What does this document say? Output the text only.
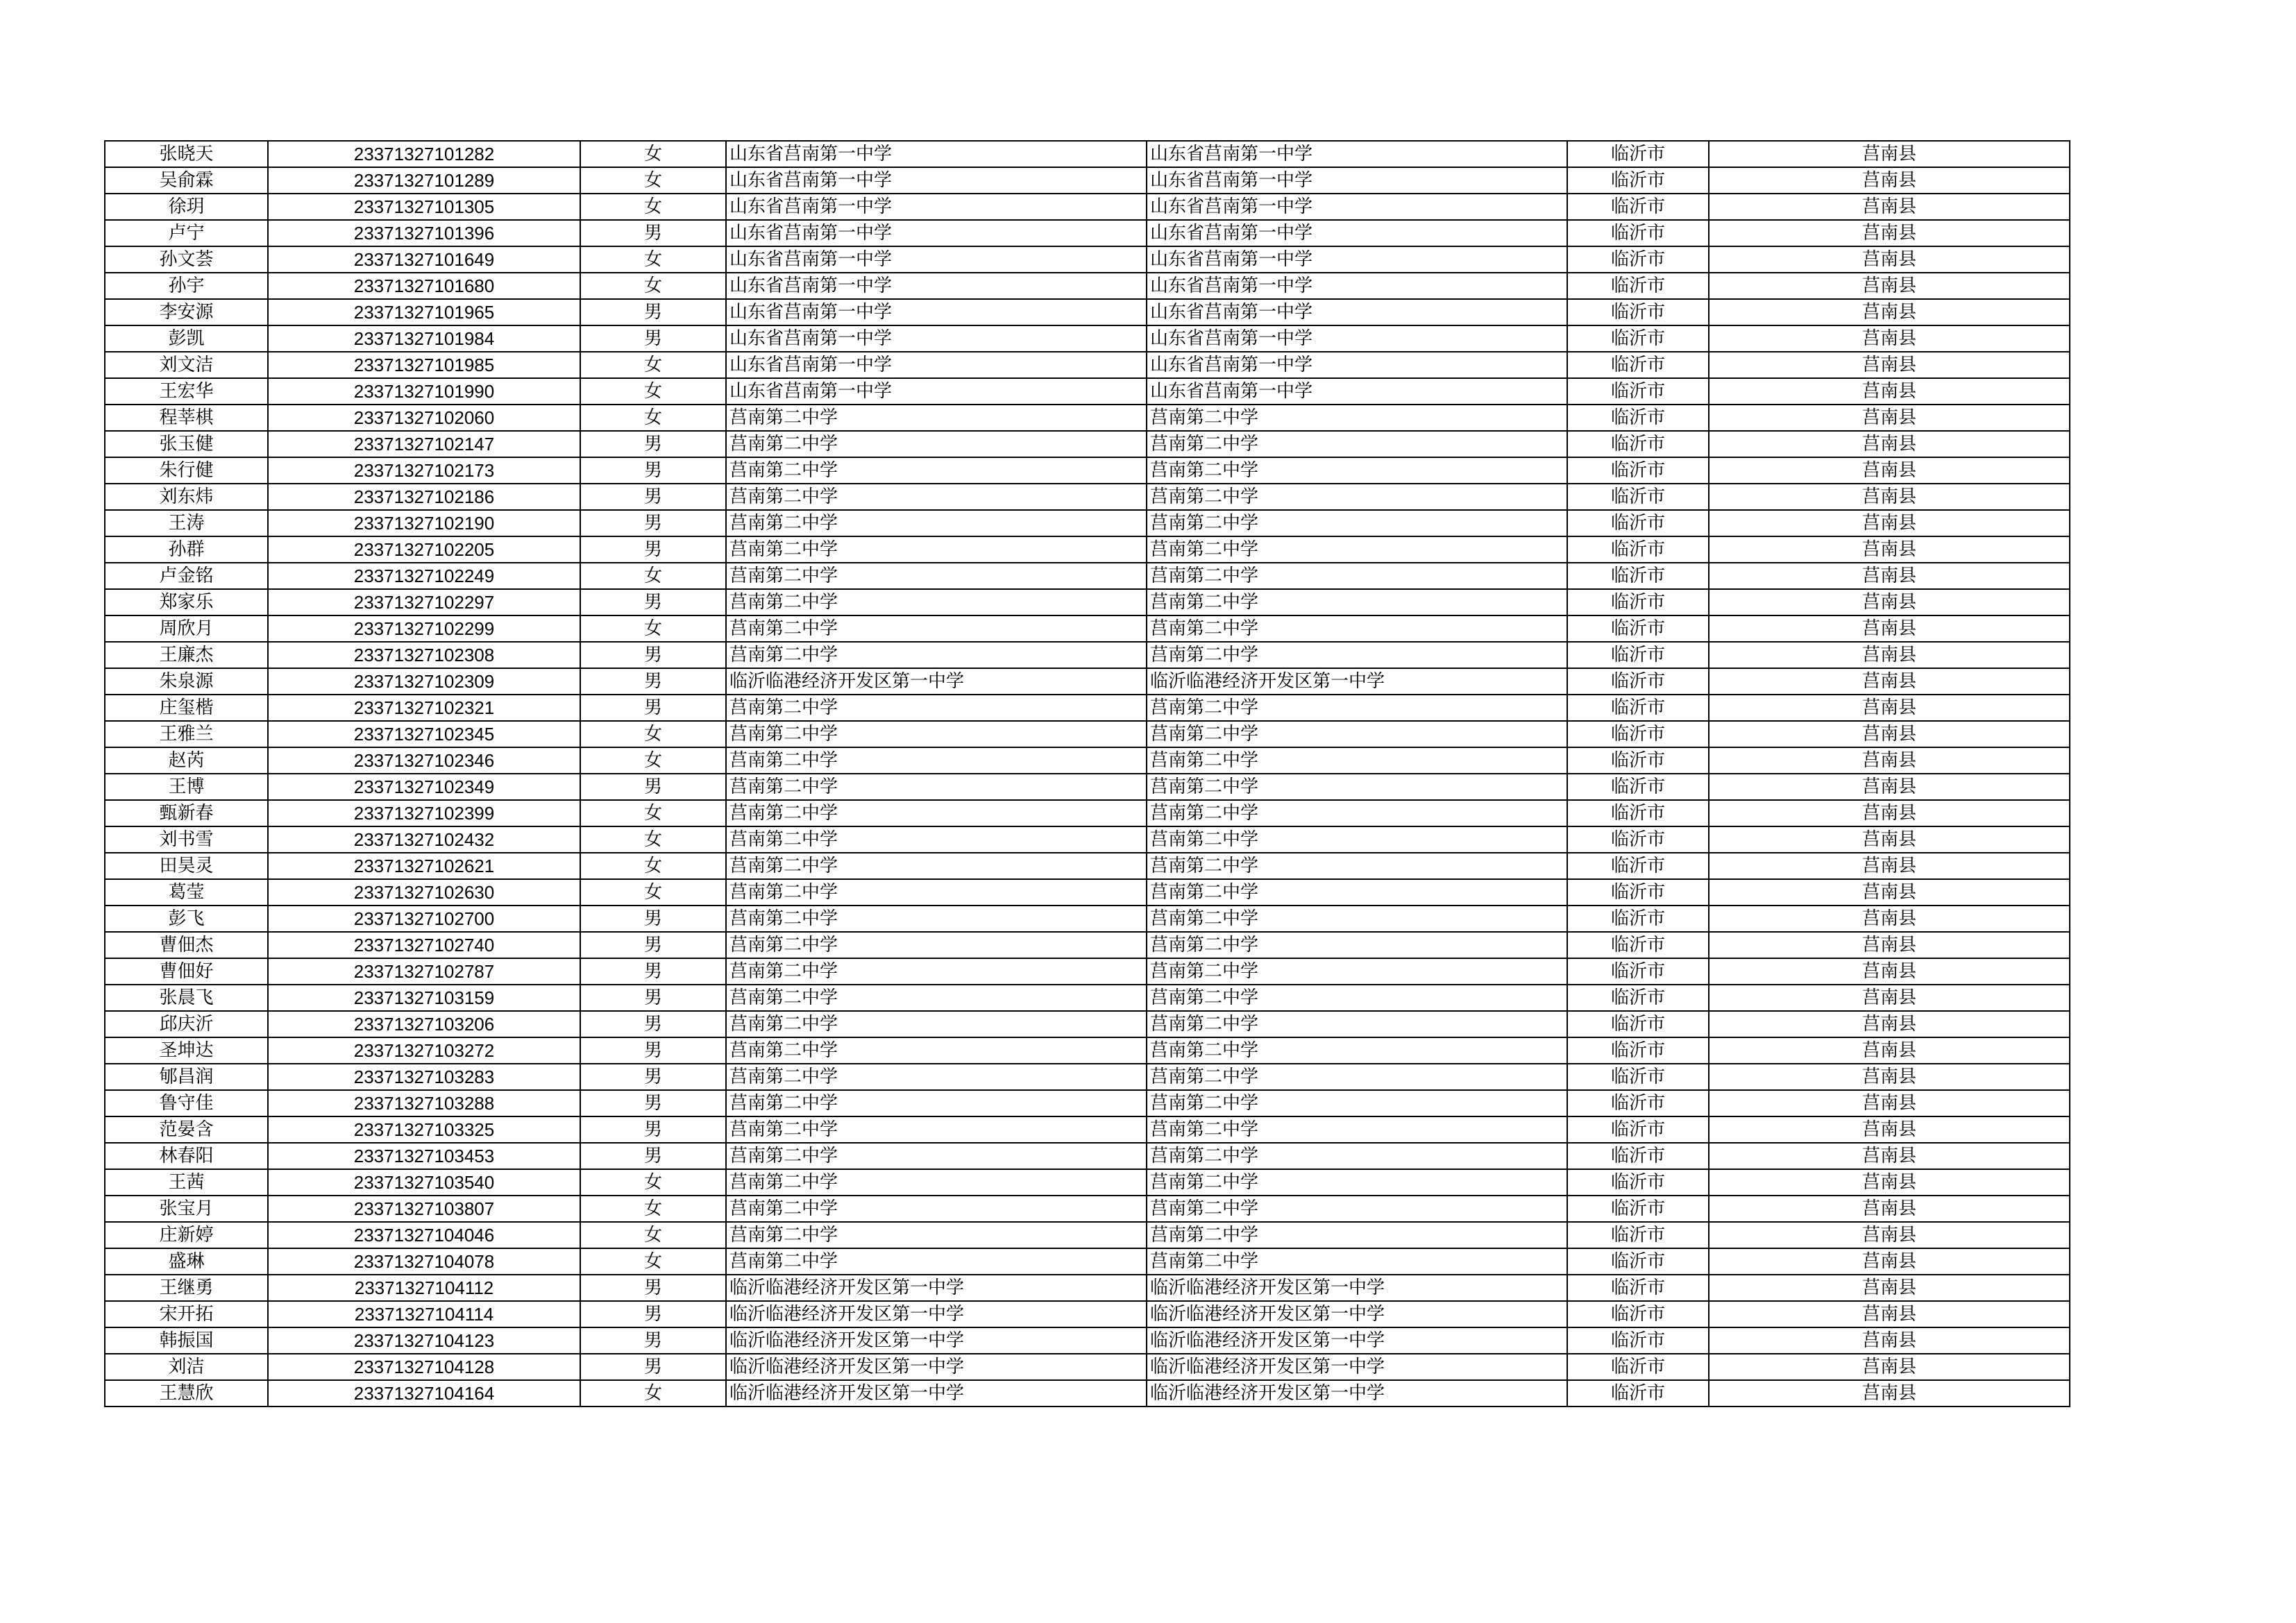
张晓天	23371327101282	女	山东省莒南第一中学	山东省莒南第一中学	临沂市	莒南县
吴俞霖	23371327101289	女	山东省莒南第一中学	山东省莒南第一中学	临沂市	莒南县
徐玥	23371327101305	女	山东省莒南第一中学	山东省莒南第一中学	临沂市	莒南县
卢宁	23371327101396	男	山东省莒南第一中学	山东省莒南第一中学	临沂市	莒南县
孙文荟	23371327101649	女	山东省莒南第一中学	山东省莒南第一中学	临沂市	莒南县
孙宇	23371327101680	女	山东省莒南第一中学	山东省莒南第一中学	临沂市	莒南县
李安源	23371327101965	男	山东省莒南第一中学	山东省莒南第一中学	临沂市	莒南县
彭凯	23371327101984	男	山东省莒南第一中学	山东省莒南第一中学	临沂市	莒南县
刘文洁	23371327101985	女	山东省莒南第一中学	山东省莒南第一中学	临沂市	莒南县
王宏华	23371327101990	女	山东省莒南第一中学	山东省莒南第一中学	临沂市	莒南县
程莘棋	23371327102060	女	莒南第二中学	莒南第二中学	临沂市	莒南县
张玉健	23371327102147	男	莒南第二中学	莒南第二中学	临沂市	莒南县
朱行健	23371327102173	男	莒南第二中学	莒南第二中学	临沂市	莒南县
刘东炜	23371327102186	男	莒南第二中学	莒南第二中学	临沂市	莒南县
王涛	23371327102190	男	莒南第二中学	莒南第二中学	临沂市	莒南县
孙群	23371327102205	男	莒南第二中学	莒南第二中学	临沂市	莒南县
卢金铭	23371327102249	女	莒南第二中学	莒南第二中学	临沂市	莒南县
郑家乐	23371327102297	男	莒南第二中学	莒南第二中学	临沂市	莒南县
周欣月	23371327102299	女	莒南第二中学	莒南第二中学	临沂市	莒南县
王廉杰	23371327102308	男	莒南第二中学	莒南第二中学	临沂市	莒南县
朱泉源	23371327102309	男	临沂临港经济开发区第一中学	临沂临港经济开发区第一中学	临沂市	莒南县
庄玺楷	23371327102321	男	莒南第二中学	莒南第二中学	临沂市	莒南县
王雅兰	23371327102345	女	莒南第二中学	莒南第二中学	临沂市	莒南县
赵芮	23371327102346	女	莒南第二中学	莒南第二中学	临沂市	莒南县
王博	23371327102349	男	莒南第二中学	莒南第二中学	临沂市	莒南县
甄新春	23371327102399	女	莒南第二中学	莒南第二中学	临沂市	莒南县
刘书雪	23371327102432	女	莒南第二中学	莒南第二中学	临沂市	莒南县
田昊灵	23371327102621	女	莒南第二中学	莒南第二中学	临沂市	莒南县
葛莹	23371327102630	女	莒南第二中学	莒南第二中学	临沂市	莒南县
彭飞	23371327102700	男	莒南第二中学	莒南第二中学	临沂市	莒南县
曹佃杰	23371327102740	男	莒南第二中学	莒南第二中学	临沂市	莒南县
曹佃好	23371327102787	男	莒南第二中学	莒南第二中学	临沂市	莒南县
张晨飞	23371327103159	男	莒南第二中学	莒南第二中学	临沂市	莒南县
邱庆沂	23371327103206	男	莒南第二中学	莒南第二中学	临沂市	莒南县
圣坤达	23371327103272	男	莒南第二中学	莒南第二中学	临沂市	莒南县
郇昌润	23371327103283	男	莒南第二中学	莒南第二中学	临沂市	莒南县
鲁守佳	23371327103288	男	莒南第二中学	莒南第二中学	临沂市	莒南县
范晏含	23371327103325	男	莒南第二中学	莒南第二中学	临沂市	莒南县
林春阳	23371327103453	男	莒南第二中学	莒南第二中学	临沂市	莒南县
王茜	23371327103540	女	莒南第二中学	莒南第二中学	临沂市	莒南县
张宝月	23371327103807	女	莒南第二中学	莒南第二中学	临沂市	莒南县
庄新婷	23371327104046	女	莒南第二中学	莒南第二中学	临沂市	莒南县
盛琳	23371327104078	女	莒南第二中学	莒南第二中学	临沂市	莒南县
王继勇	23371327104112	男	临沂临港经济开发区第一中学	临沂临港经济开发区第一中学	临沂市	莒南县
宋开拓	23371327104114	男	临沂临港经济开发区第一中学	临沂临港经济开发区第一中学	临沂市	莒南县
韩振国	23371327104123	男	临沂临港经济开发区第一中学	临沂临港经济开发区第一中学	临沂市	莒南县
刘洁	23371327104128	男	临沂临港经济开发区第一中学	临沂临港经济开发区第一中学	临沂市	莒南县
王慧欣	23371327104164	女	临沂临港经济开发区第一中学	临沂临港经济开发区第一中学	临沂市	莒南县
